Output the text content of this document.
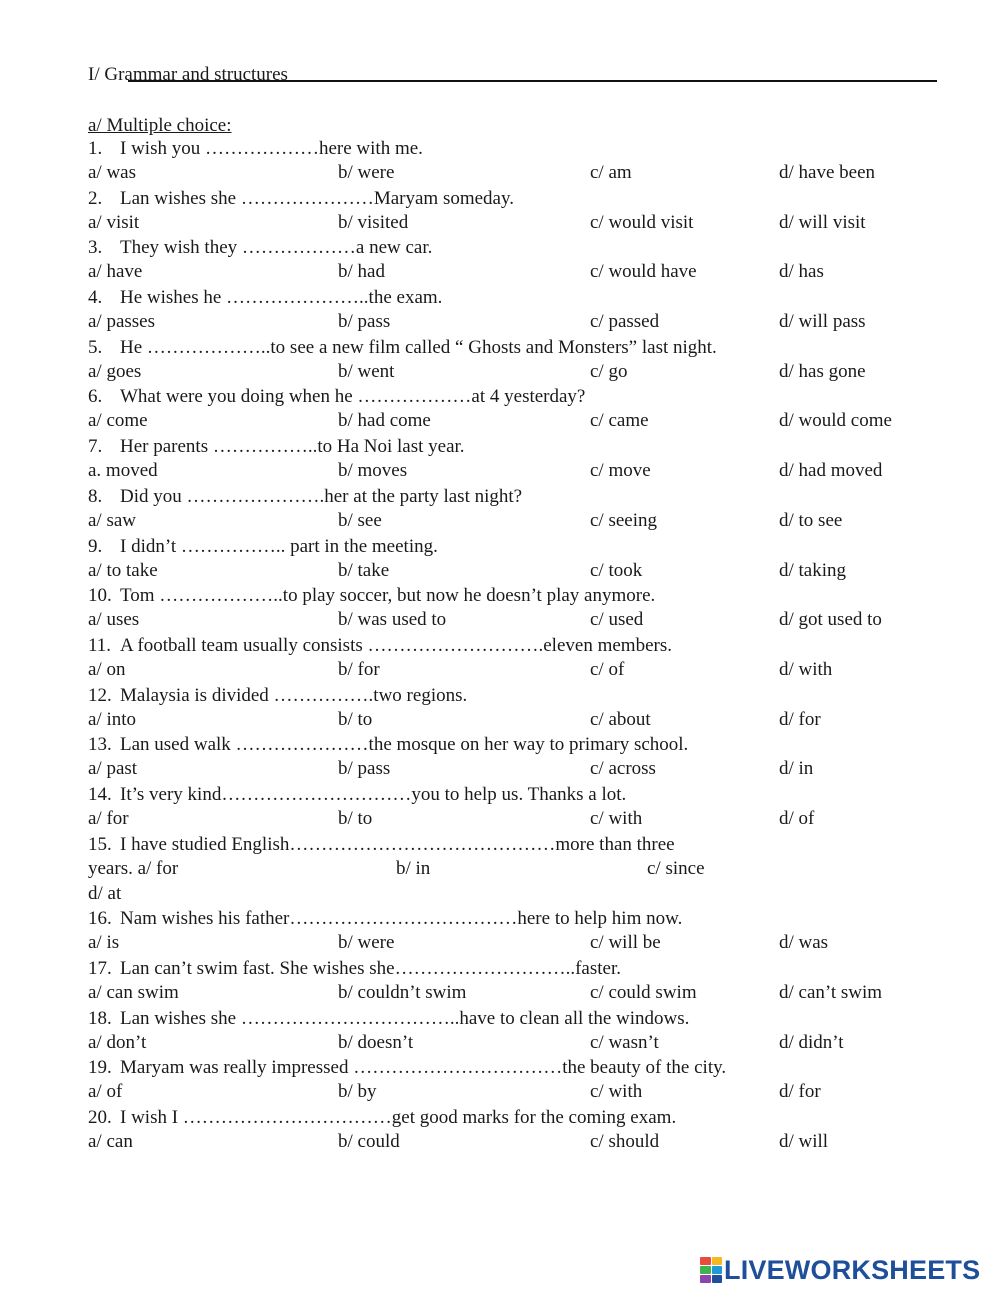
I/ Grammar and structures
a/ Multiple choice:
1. I wish you ………………here with me.
a/ was	b/ were	c/ am	d/ have been
2. Lan wishes she …………………Maryam someday.
a/ visit	b/ visited	c/ would visit	d/ will visit
3. They wish they ………………a new car.
a/ have	b/ had	c/ would have	d/ has
4. He wishes he …………………..the exam.
a/ passes	b/ pass	c/ passed	d/ will pass
5. He ………………..to see a new film called “ Ghosts and Monsters” last night.
a/ goes	b/ went	c/ go	d/ has gone
6. What were you doing when he ………………at 4 yesterday?
a/ come	b/ had come	c/ came	d/ would come
7. Her parents ……………..to Ha Noi last year.
a. moved	b/ moves	c/ move	d/ had moved
8. Did you ………………….her at the party last night?
a/ saw	b/ see	c/ seeing	d/ to see
9. I didn’t …………….. part in the meeting.
a/ to take	b/ take	c/ took	d/ taking
10. Tom ………………..to play soccer, but now he doesn’t play anymore.
a/ uses	b/ was used to	c/ used	d/ got used to
11. A football team usually consists ……………………….eleven members.
a/ on	b/ for	c/ of	d/ with
12. Malaysia is divided …………….two regions.
a/ into	b/ to	c/ about	d/ for
13. Lan used walk …………………the mosque on her way to primary school.
a/ past	b/ pass	c/ across	d/ in
14. It’s very kind…………………………you to help us. Thanks a lot.
a/ for	b/ to	c/ with	d/ of
15. I have studied English……………………………………more than three
years. a/ for	b/ in	c/ since
d/ at
16. Nam wishes his father………………………………here to help him now.
a/ is	b/ were	c/ will be	d/ was
17. Lan can’t swim fast. She wishes she………………………..faster.
a/ can swim	b/ couldn’t swim	c/ could swim	d/ can’t swim
18. Lan wishes she ……………………………..have to clean all the windows.
a/ don’t	b/ doesn’t	c/ wasn’t	d/ didn’t
19. Maryam was really impressed ……………………………the beauty of the city.
a/ of	b/ by	c/ with	d/ for
20. I wish I ……………………………get good marks for the coming exam.
a/ can	b/ could	c/ should	d/ will
LIVEWORKSHEETS
